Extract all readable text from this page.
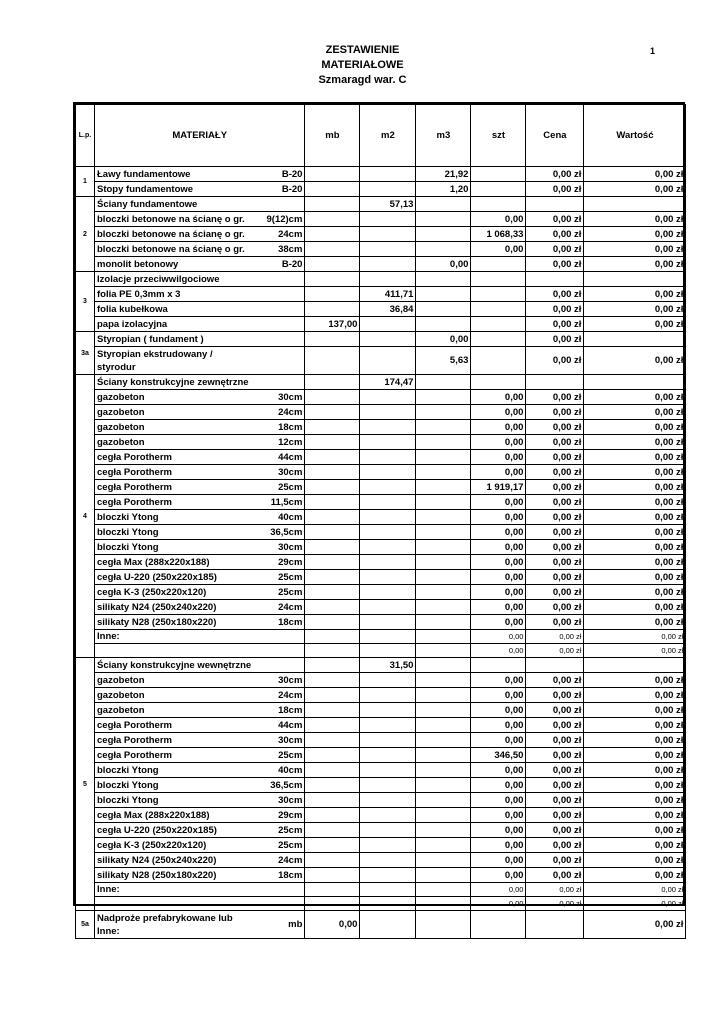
ZESTAWIENIE
MATERIAŁOWE
Szmaragd war. C
1
L.p.	MATERIAŁY		mb	m2	m3	szt	Cena	Wartość
1	Ławy fundamentowe	B-20			21,92		0,00 zł	0,00 zł
	Stopy fundamentowe	B-20			1,20		0,00 zł	0,00 zł
2	Ściany fundamentowe			57,13				
	bloczki betonowe na ścianę o gr.	9(12)cm				0,00	0,00 zł	0,00 zł
	bloczki betonowe na ścianę o gr.	24cm				1 068,33	0,00 zł	0,00 zł
	bloczki betonowe na ścianę o gr.	38cm				0,00	0,00 zł	0,00 zł
	monolit betonowy	B-20			0,00		0,00 zł	0,00 zł
3	Izolacje przeciwwilgociowe							
	folia PE 0,3mm x 3			411,71			0,00 zł	0,00 zł
	folia kubełkowa			36,84			0,00 zł	0,00 zł
	papa izolacyjna		137,00				0,00 zł	0,00 zł
3a	Styropian ( fundament )				0,00		0,00 zł	

	Styropian ekstrudowany /
styrodur				5,63		0,00 zł	0,00 zł
4	Ściany konstrukcyjne zewnętrzne			174,47				
	gazobeton	30cm				0,00	0,00 zł	0,00 zł
	gazobeton	24cm				0,00	0,00 zł	0,00 zł
	gazobeton	18cm				0,00	0,00 zł	0,00 zł
	gazobeton	12cm				0,00	0,00 zł	0,00 zł
	cegła Porotherm	44cm				0,00	0,00 zł	0,00 zł
	cegła Porotherm	30cm				0,00	0,00 zł	0,00 zł
	cegła Porotherm	25cm				1 919,17	0,00 zł	0,00 zł
	cegła Porotherm	11,5cm				0,00	0,00 zł	0,00 zł
	bloczki Ytong	40cm				0,00	0,00 zł	0,00 zł
	bloczki Ytong	36,5cm				0,00	0,00 zł	0,00 zł
	bloczki Ytong	30cm				0,00	0,00 zł	0,00 zł
	cegła Max (288x220x188)	29cm				0,00	0,00 zł	0,00 zł
	cegła U-220 (250x220x185)	25cm				0,00	0,00 zł	0,00 zł
	cegła K-3 (250x220x120)	25cm				0,00	0,00 zł	0,00 zł
	silikaty N24 (250x240x220)	24cm				0,00	0,00 zł	0,00 zł
	silikaty N28 (250x180x220)	18cm				0,00	0,00 zł	0,00 zł
	Inne:					0,00	0,00 zł	0,00 zł
						0,00	0,00 zł	0,00 zł
5	Ściany konstrukcyjne wewnętrzne			31,50				
	gazobeton	30cm				0,00	0,00 zł	0,00 zł
	gazobeton	24cm				0,00	0,00 zł	0,00 zł
	gazobeton	18cm				0,00	0,00 zł	0,00 zł
	cegła Porotherm	44cm				0,00	0,00 zł	0,00 zł
	cegła Porotherm	30cm				0,00	0,00 zł	0,00 zł
	cegła Porotherm	25cm				346,50	0,00 zł	0,00 zł
	bloczki Ytong	40cm				0,00	0,00 zł	0,00 zł
	bloczki Ytong	36,5cm				0,00	0,00 zł	0,00 zł
	bloczki Ytong	30cm				0,00	0,00 zł	0,00 zł
	cegła Max (288x220x188)	29cm				0,00	0,00 zł	0,00 zł
	cegła U-220 (250x220x185)	25cm				0,00	0,00 zł	0,00 zł
	cegła K-3 (250x220x120)	25cm				0,00	0,00 zł	0,00 zł
	silikaty N24 (250x240x220)	24cm				0,00	0,00 zł	0,00 zł
	silikaty N28 (250x180x220)	18cm				0,00	0,00 zł	0,00 zł
	Inne:					0,00	0,00 zł	0,00 zł
						0,00	0,00 zł	0,00 zł
5a	Nadproże prefabrykowane lub
Inne:	mb	0,00					0,00 zł
